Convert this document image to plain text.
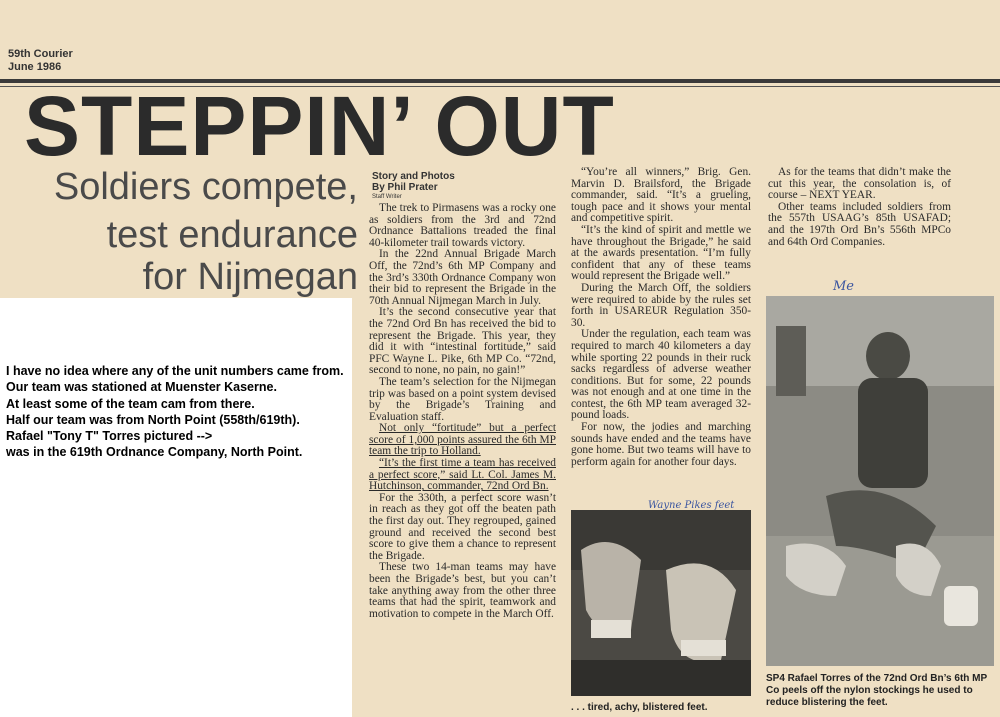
59th Courier
June 1986
STEPPIN’ OUT
Soldiers compete,
test endurance
for Nijmegan
Story and Photos
By Phil Prater
Staff Writer

The trek to Pirmasens was a rocky one as soldiers from the 3rd and 72nd Ordnance Battalions treaded the final 40-kilometer trail towards victory.

In the 22nd Annual Brigade March Off, the 72nd’s 6th MP Company and the 3rd’s 330th Ordnance Company won their bid to represent the Brigade in the 70th Annual Nijmegan March in July.

It’s the second consecutive year that the 72nd Ord Bn has received the bid to represent the Brigade. This year, they did it with “intestinal fortitude,” said PFC Wayne L. Pike, 6th MP Co. “72nd, second to none, no pain, no gain!”

The team’s selection for the Nijmegan trip was based on a point system devised by the Brigade’s Training and Evaluation staff.

Not only “fortitude” but a perfect score of 1,000 points assured the 6th MP team the trip to Holland.

“It’s the first time a team has received a perfect score,” said Lt. Col. James M. Hutchinson, commander, 72nd Ord Bn.

For the 330th, a perfect score wasn’t in reach as they got off the beaten path the first day out. They regrouped, gained ground and received the second best score to give them a chance to represent the Brigade.

These two 14-man teams may have been the Brigade’s best, but you can’t take anything away from the other three teams that had the spirit, teamwork and motivation to compete in the March Off.

“You’re all winners,” Brig. Gen. Marvin D. Brailsford, the Brigade commander, said. “It’s a grueling, tough pace and it shows your mental and competitive spirit.

“It’s the kind of spirit and mettle we have throughout the Brigade,” he said at the awards presentation. “I’m fully confident that any of these teams would represent the Brigade well.”

During the March Off, the soldiers were required to abide by the rules set forth in USAREUR Regulation 350-30.

Under the regulation, each team was required to march 40 kilometers a day while sporting 22 pounds in their ruck sacks regardless of adverse weather conditions. But for some, 22 pounds was not enough and at one time in the contest, the 6th MP team averaged 32-pound loads.

For now, the jodies and marching sounds have ended and the teams have gone home. But two teams will have to perform again for another four days.

As for the teams that didn’t make the cut this year, the consolation is, of course – NEXT YEAR.

Other teams included soldiers from the 557th USAAG’s 85th USAFAD; and the 197th Ord Bn’s 556th MPCo and 64th Ord Companies.

. . . tired, achy, blistered feet.
SP4 Rafael Torres of the 72nd Ord Bn’s 6th MP Co peels off the nylon stockings he used to reduce blistering the feet.
Me
Wayne Pikes feet
I have no idea where any of the unit numbers came from.
Our team was stationed at Muenster Kaserne.
At least some of the team cam from there.
Half our team was from North Point (558th/619th).
Rafael "Tony T" Torres pictured -->
was in the 619th Ordnance Company, North Point.
